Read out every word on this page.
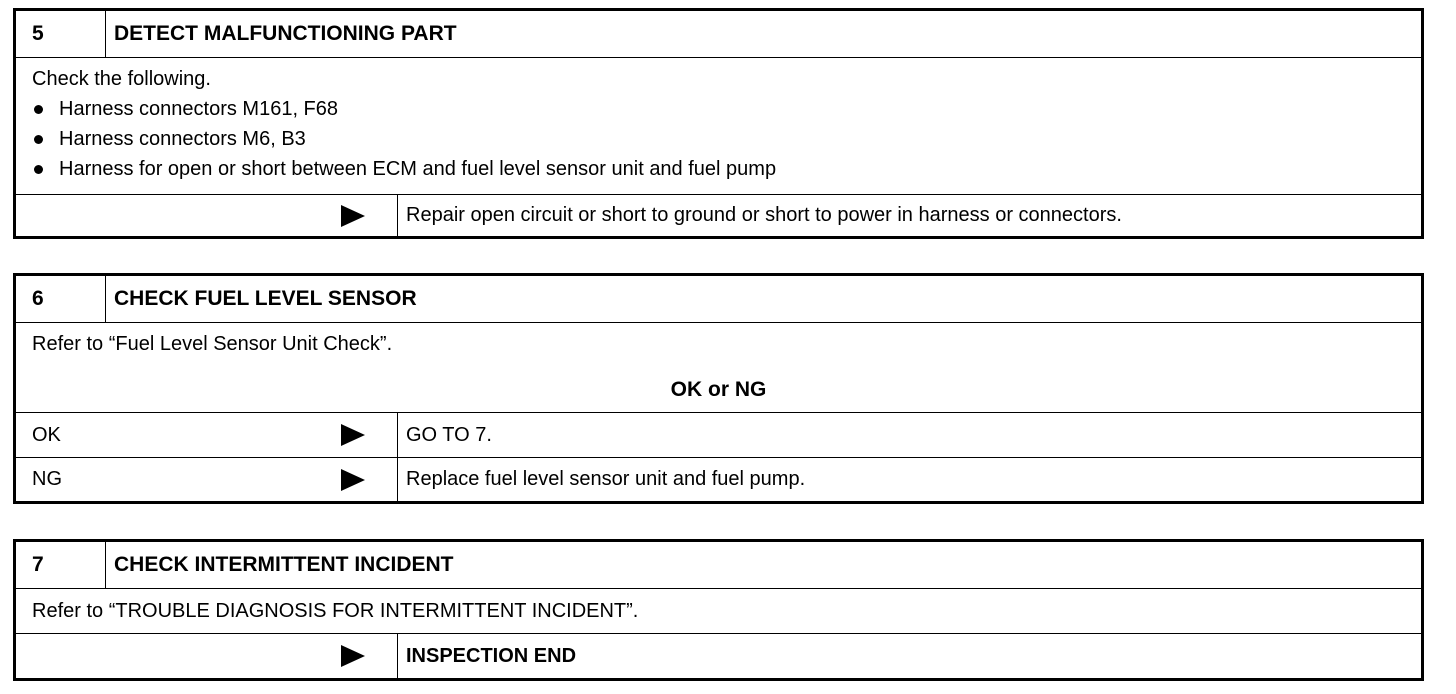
5	DETECT MALFUNCTIONING PART
Check the following.
Harness connectors M161, F68
Harness connectors M6, B3
Harness for open or short between ECM and fuel level sensor unit and fuel pump
Repair open circuit or short to ground or short to power in harness or connectors.
6	CHECK FUEL LEVEL SENSOR
Refer to “Fuel Level Sensor Unit Check”.
OK or NG
OK	GO TO 7.
NG	Replace fuel level sensor unit and fuel pump.
7	CHECK INTERMITTENT INCIDENT
Refer to “TROUBLE DIAGNOSIS FOR INTERMITTENT INCIDENT”.
INSPECTION END
